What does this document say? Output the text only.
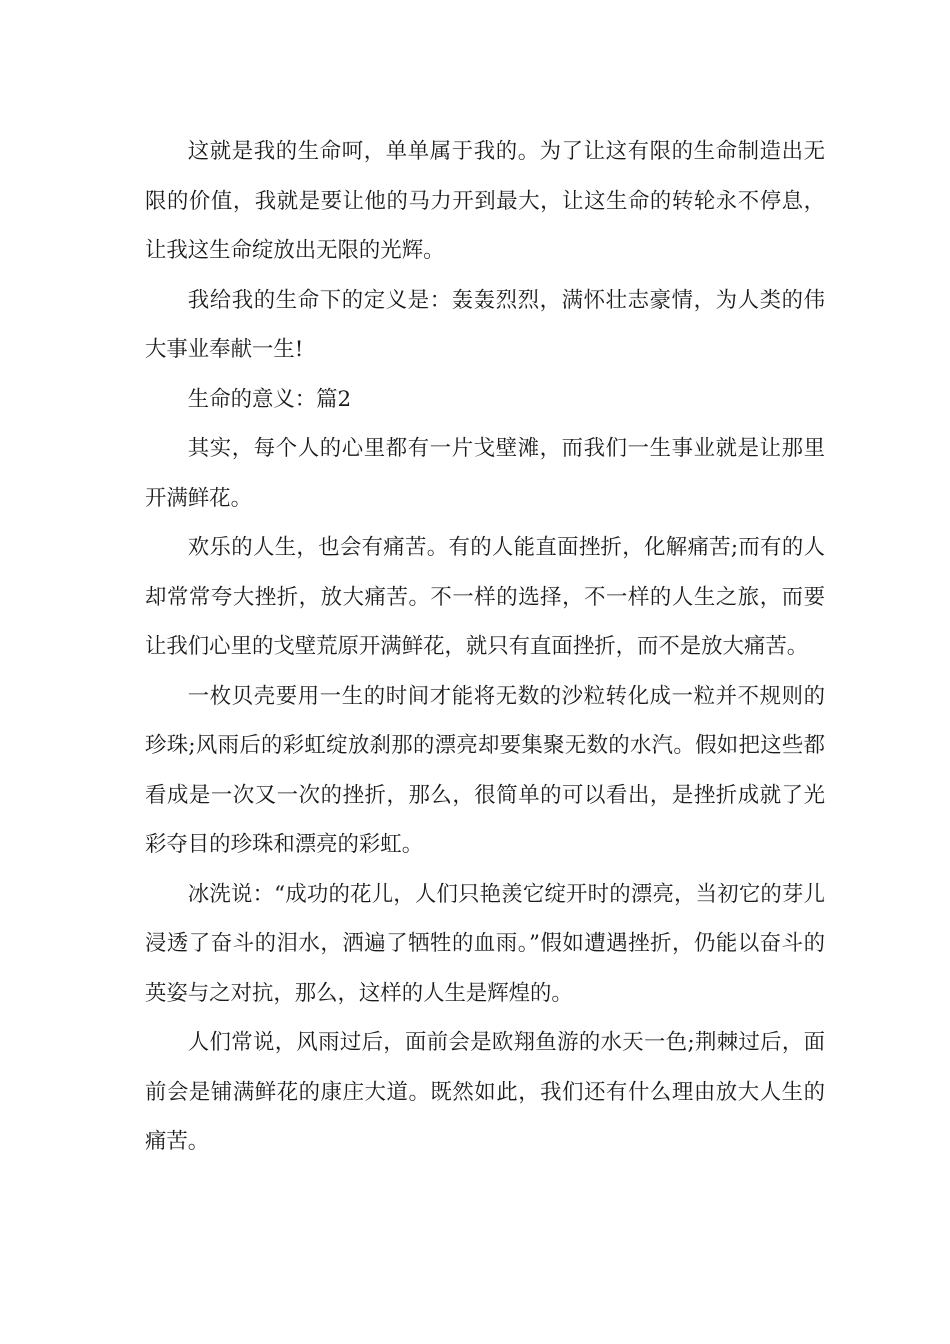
这就是我的生命呵，单单属于我的。为了让这有限的生命制造出无限的价值，我就是要让他的马力开到最大，让这生命的转轮永不停息，让我这生命绽放出无限的光辉。

我给我的生命下的定义是：轰轰烈烈，满怀壮志豪情，为人类的伟大事业奉献一生!

生命的意义：篇2

其实，每个人的心里都有一片戈壁滩，而我们一生事业就是让那里开满鲜花。

欢乐的人生，也会有痛苦。有的人能直面挫折，化解痛苦;而有的人却常常夸大挫折，放大痛苦。不一样的选择，不一样的人生之旅，而要让我们心里的戈壁荒原开满鲜花，就只有直面挫折，而不是放大痛苦。

一枚贝壳要用一生的时间才能将无数的沙粒转化成一粒并不规则的珍珠;风雨后的彩虹绽放刹那的漂亮却要集聚无数的水汽。假如把这些都看成是一次又一次的挫折，那么，很简单的可以看出，是挫折成就了光彩夺目的珍珠和漂亮的彩虹。

冰洗说：“成功的花儿，人们只艳羡它绽开时的漂亮，当初它的芽儿浸透了奋斗的泪水，洒遍了牺牲的血雨。”假如遭遇挫折，仍能以奋斗的英姿与之对抗，那么，这样的人生是辉煌的。

人们常说，风雨过后，面前会是欧翔鱼游的水天一色;荆棘过后，面前会是铺满鲜花的康庄大道。既然如此，我们还有什么理由放大人生的痛苦。
